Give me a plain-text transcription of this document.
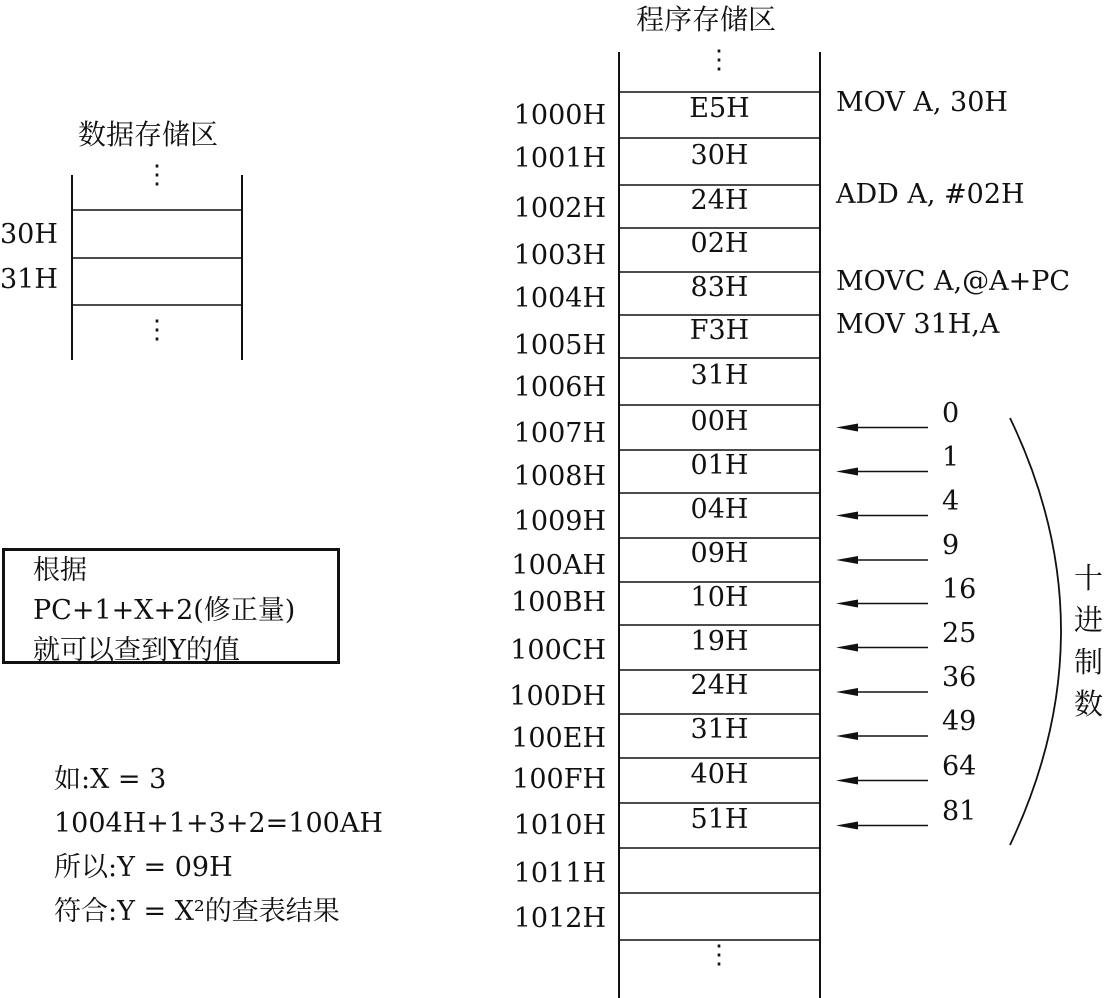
程序存储区
数据存储区
30H
31H
⋮
⋮
⋮
⋮
1000H	E5H	MOV A, 30H
1001H	30H
1002H	24H	ADD A, #02H
1003H	02H
1004H	83H	MOVC A,@A+PC
1005H	F3H	MOV 31H,A
1006H	31H
1007H	00H	0
1008H	01H	1
1009H	04H	4
100AH	09H	9
100BH	10H	16
100CH	19H	25
100DH	24H	36
100EH	31H	49
100FH	40H	64
1010H	51H	81
1011H
1012H
十
进
制
数
根据
PC+1+X+2(修正量)
就可以查到Y的值
如:X = 3
1004H+1+3+2=100AH
所以:Y = 09H
符合:Y = X²的查表结果
